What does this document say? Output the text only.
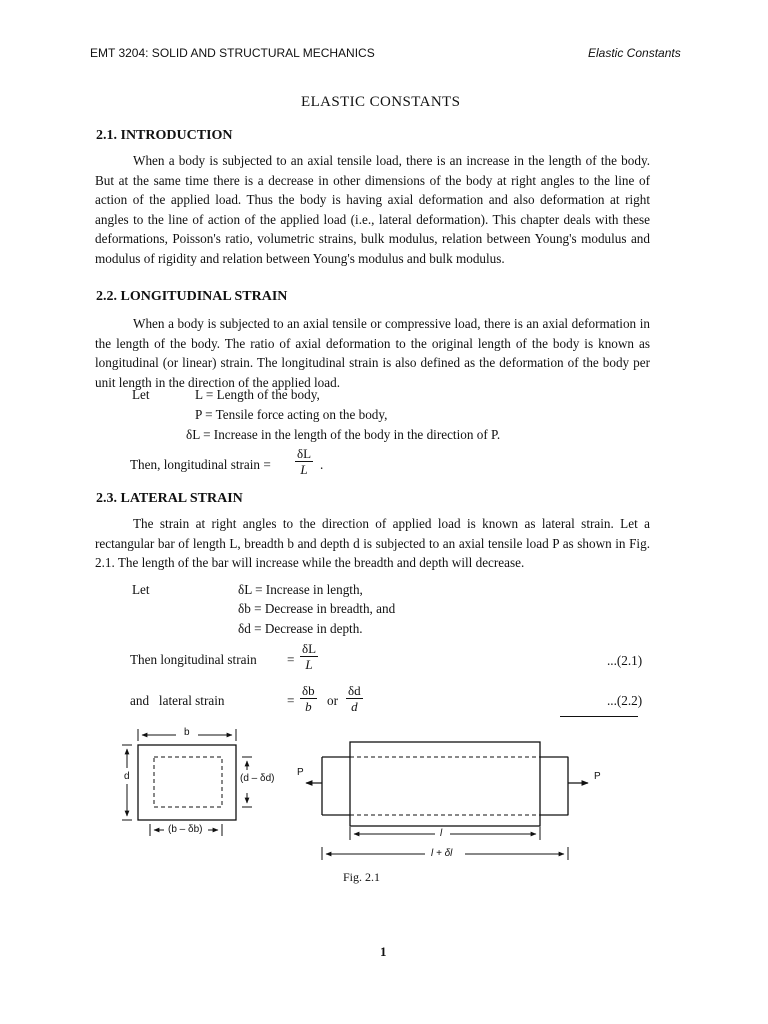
EMT 3204: SOLID AND STRUCTURAL MECHANICS	Elastic Constants
ELASTIC CONSTANTS
2.1. INTRODUCTION

When a body is subjected to an axial tensile load, there is an increase in the length of the body. But at the same time there is a decrease in other dimensions of the body at right angles to the line of action of the applied load. Thus the body is having axial deformation and also deformation at right angles to the line of action of the applied load (i.e., lateral deformation). This chapter deals with these deformations, Poisson's ratio, volumetric strains, bulk modulus, relation between Young's modulus and modulus of rigidity and relation between Young's modulus and bulk modulus.

2.2. LONGITUDINAL STRAIN

When a body is subjected to an axial tensile or compressive load, there is an axial deformation in the length of the body. The ratio of axial deformation to the original length of the body is known as longitudinal (or linear) strain. The longitudinal strain is also defined as the deformation of the body per unit length in the direction of the applied load.

Let	L = Length of the body,
P = Tensile force acting on the body,
δL = Increase in the length of the body in the direction of P.
Then, longitudinal strain =
δL
L .
2.3. LATERAL STRAIN

The strain at right angles to the direction of applied load is known as lateral strain. Let a rectangular bar of length L, breadth b and depth d is subjected to an axial tensile load P as shown in Fig. 2.1. The length of the bar will increase while the breadth and depth will decrease.

Let	δL = Increase in length,
δb = Decrease in breadth, and
δd = Decrease in depth.
Then longitudinal strain =
δL
L	...(2.1)
and   lateral strain	=
δb
b or
δd
d	...(2.2)
b
d	(d – δd)
(b – δb)
P	P
l
l + δl
Fig. 2.1
1
